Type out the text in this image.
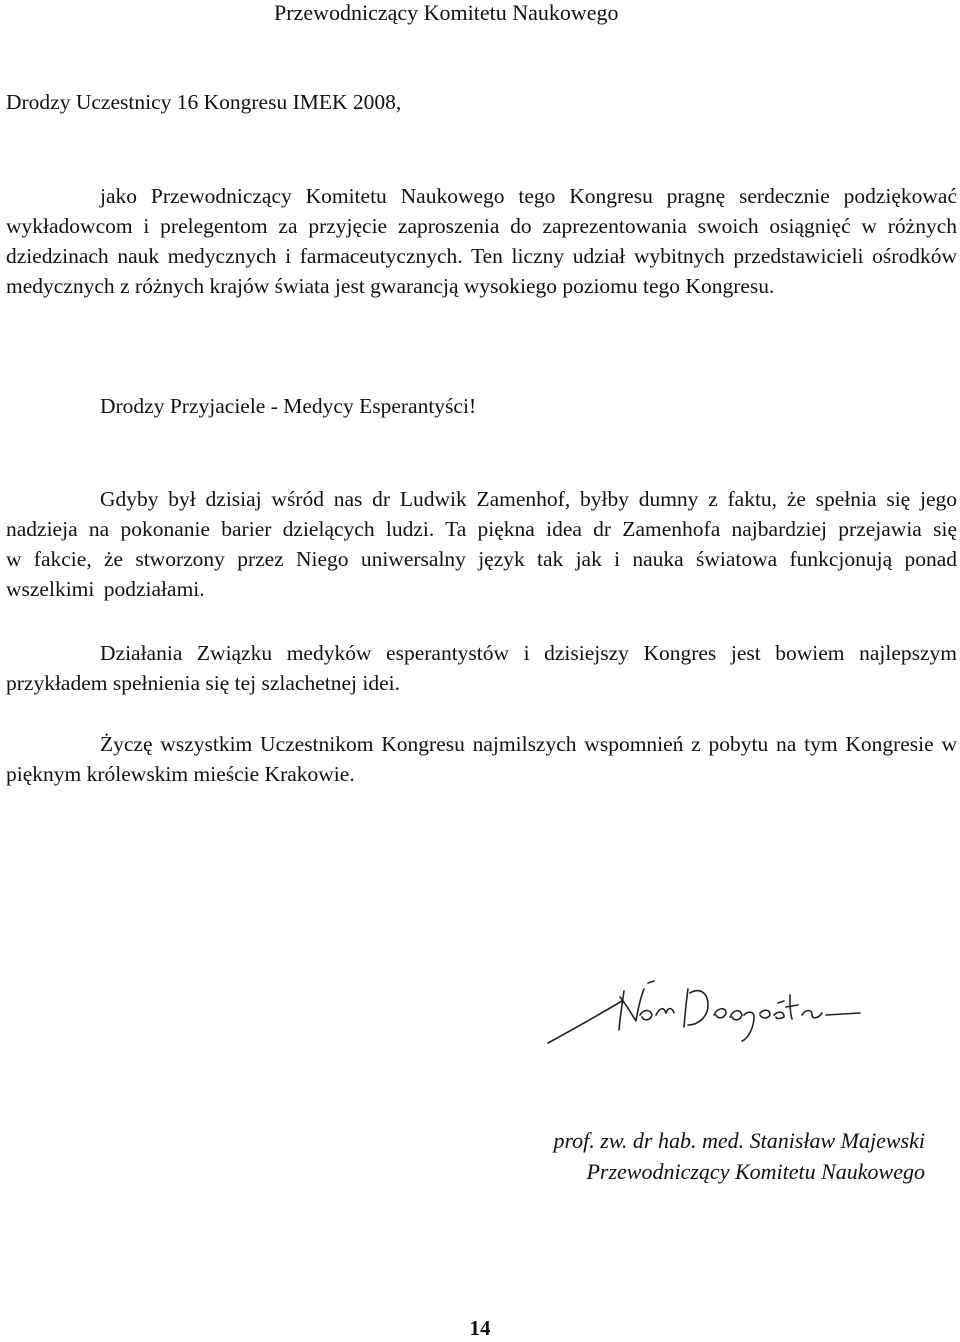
Przewodniczący Komitetu Naukowego

Drodzy Uczestnicy 16 Kongresu IMEK 2008,

jako Przewodniczący Komitetu Naukowego tego Kongresu pragnę serdecznie podziękować wykładowcom i prelegentom za przyjęcie zaproszenia do zaprezentowania swoich osiągnięć w różnych dziedzinach nauk medycznych i farmaceutycznych. Ten liczny udział wybitnych przedstawicieli ośrodków medycznych z różnych krajów świata jest gwarancją wysokiego poziomu tego Kongresu.

Drodzy Przyjaciele - Medycy Esperantyści!

Gdyby był dzisiaj wśród nas dr Ludwik Zamenhof, byłby dumny z faktu, że spełnia się jego nadzieja na pokonanie barier dzielących ludzi. Ta piękna idea dr Zamenhofa najbardziej przejawia się w fakcie, że stworzony przez Niego uniwersalny język tak jak i nauka światowa funkcjonują ponad wszelkimi podziałami.

Działania Związku medyków esperantystów i dzisiejszy Kongres jest bowiem najlepszym przykładem spełnienia się tej szlachetnej idei.

Życzę wszystkim Uczestnikom Kongresu najmilszych wspomnień z pobytu na tym Kongresie w pięknym królewskim mieście Krakowie.

prof. zw. dr hab. med. Stanisław Majewski

Przewodniczący Komitetu Naukowego

14
